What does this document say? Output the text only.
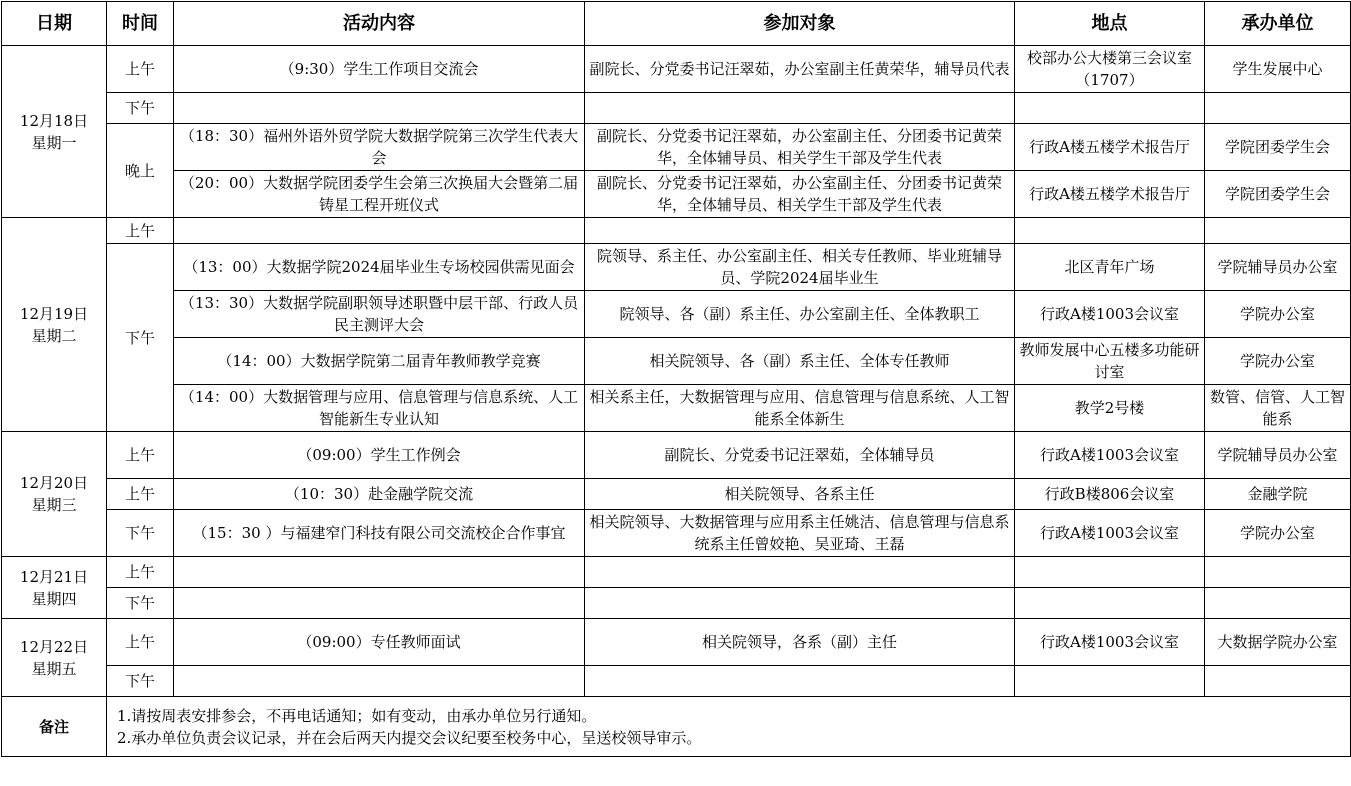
日期	时间	活动内容	参加对象	地点	承办单位
12月18日
星期一	上午	（9:30）学生工作项目交流会	副院长、分党委书记汪翠茹，办公室副主任黄荣华，辅导员代表	校部办公大楼第三会议室（1707）	学生发展中心
	下午				
	晚上	（18：30）福州外语外贸学院大数据学院第三次学生代表大会	副院长、分党委书记汪翠茹，办公室副主任、分团委书记黄荣华，全体辅导员、相关学生干部及学生代表	行政A楼五楼学术报告厅	学院团委学生会
		（20：00）大数据学院团委学生会第三次换届大会暨第二届铸星工程开班仪式	副院长、分党委书记汪翠茹，办公室副主任、分团委书记黄荣华，全体辅导员、相关学生干部及学生代表	行政A楼五楼学术报告厅	学院团委学生会
12月19日
星期二	上午				
	下午	（13：00）大数据学院2024届毕业生专场校园供需见面会	院领导、系主任、办公室副主任、相关专任教师、毕业班辅导员、学院2024届毕业生	北区青年广场	学院辅导员办公室
		（13：30）大数据学院副职领导述职暨中层干部、行政人员民主测评大会	院领导、各（副）系主任、办公室副主任、全体教职工	行政A楼1003会议室	学院办公室
		（14：00）大数据学院第二届青年教师教学竞赛	相关院领导、各（副）系主任、全体专任教师	教师发展中心五楼多功能研讨室	学院办公室
		（14：00）大数据管理与应用、信息管理与信息系统、人工智能新生专业认知	相关系主任，大数据管理与应用、信息管理与信息系统、人工智能系全体新生	教学2号楼	数管、信管、人工智能系
12月20日
星期三	上午	（09:00）学生工作例会	副院长、分党委书记汪翠茹，全体辅导员	行政A楼1003会议室	学院辅导员办公室
	上午	（10：30）赴金融学院交流	相关院领导、各系主任	行政B楼806会议室	金融学院
	下午	（15：30 ）与福建窄门科技有限公司交流校企合作事宜	相关院领导、大数据管理与应用系主任姚洁、信息管理与信息系统系主任曾姣艳、吴亚琦、王磊	行政A楼1003会议室	学院办公室
12月21日
星期四	上午				
	下午				
12月22日
星期五	上午	（09:00）专任教师面试	相关院领导，各系（副）主任	行政A楼1003会议室	大数据学院办公室
	下午				
备注	1.请按周表安排参会，不再电话通知；如有变动，由承办单位另行通知。
2.承办单位负责会议记录，并在会后两天内提交会议纪要至校务中心，呈送校领导审示。				
